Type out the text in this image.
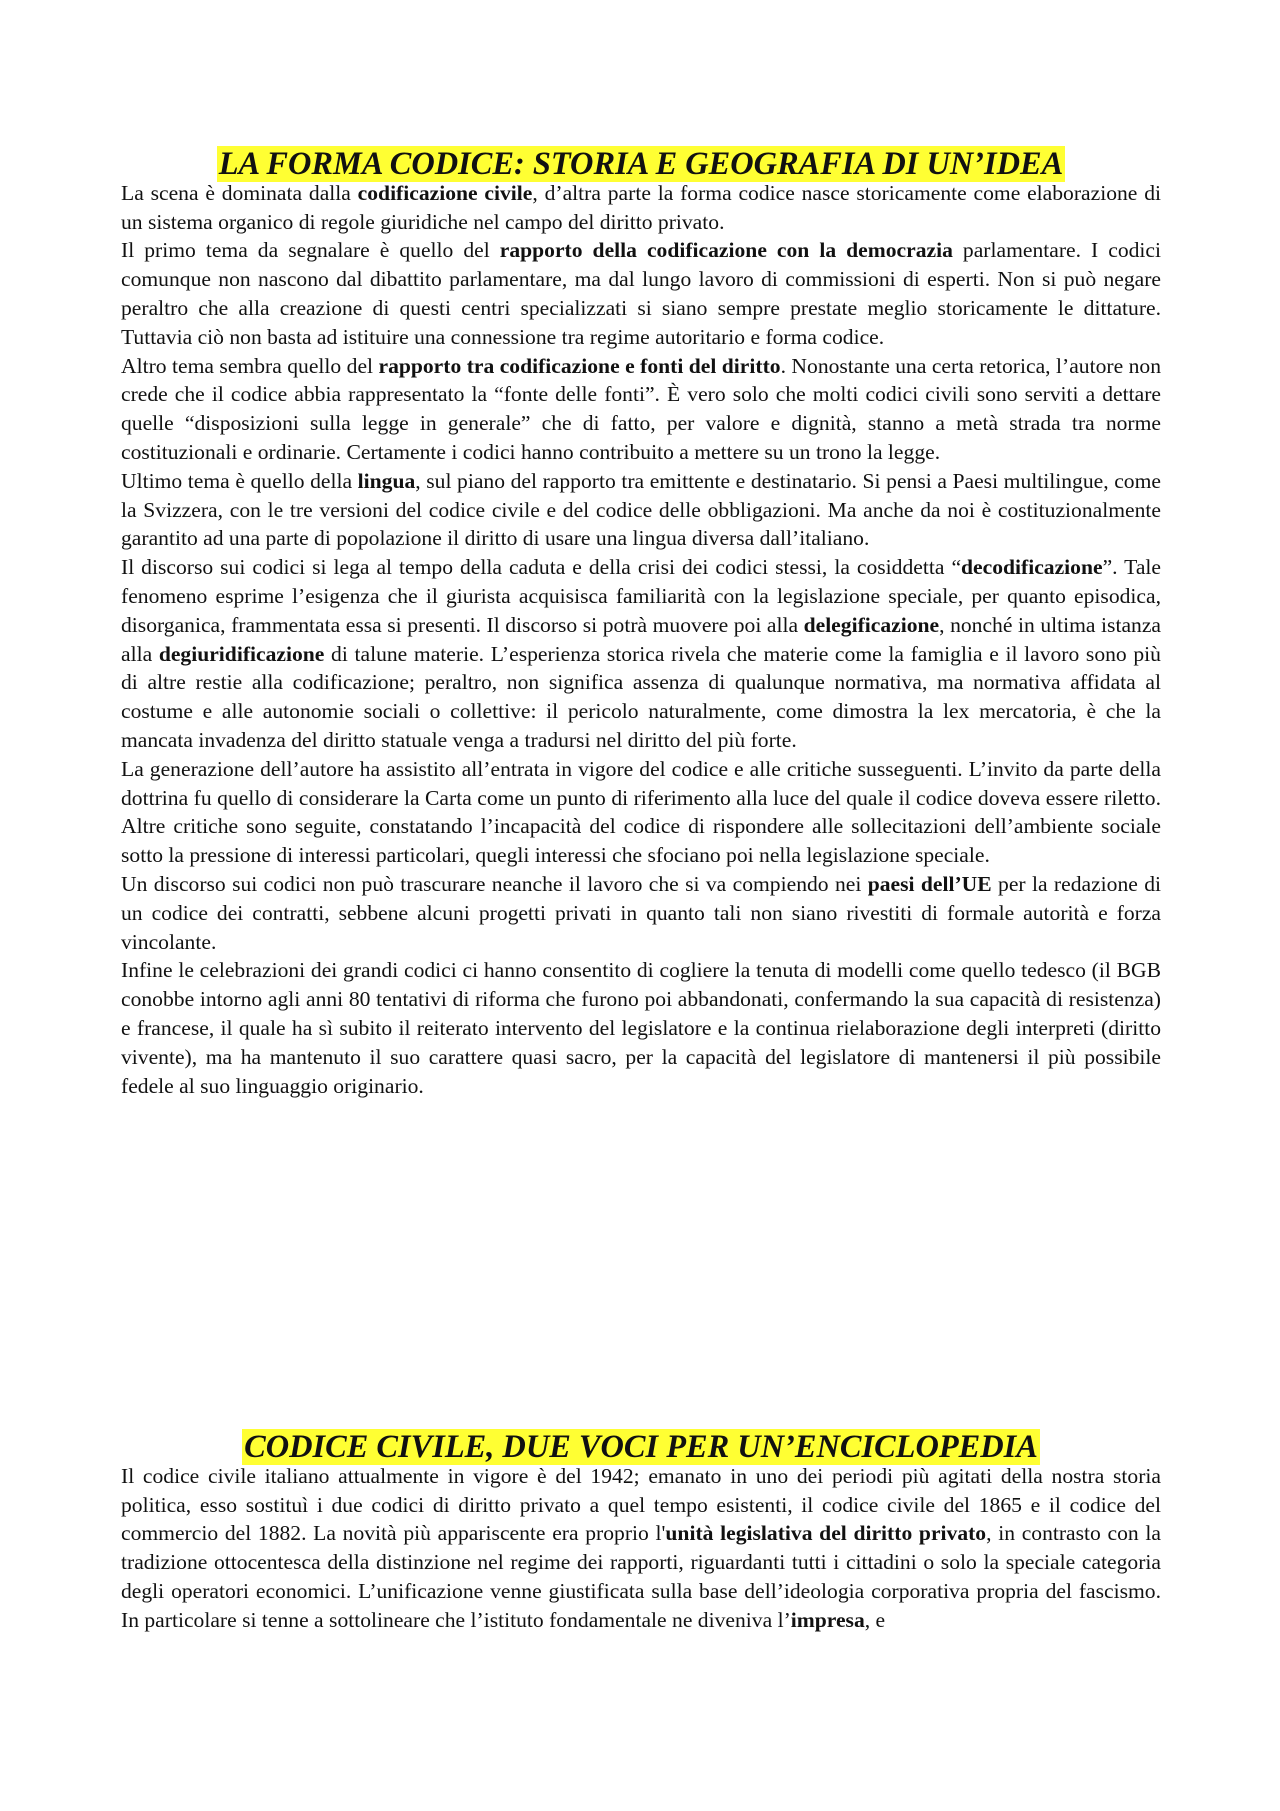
LA FORMA CODICE: STORIA E GEOGRAFIA DI UN’IDEA

La scena è dominata dalla codificazione civile, d’altra parte la forma codice nasce storicamente come elaborazione di un sistema organico di regole giuridiche nel campo del diritto privato.

Il primo tema da segnalare è quello del rapporto della codificazione con la democrazia parlamentare. I codici comunque non nascono dal dibattito parlamentare, ma dal lungo lavoro di commissioni di esperti. Non si può negare peraltro che alla creazione di questi centri specializzati si siano sempre prestate meglio storicamente le dittature. Tuttavia ciò non basta ad istituire una connessione tra regime autoritario e forma codice.

Altro tema sembra quello del rapporto tra codificazione e fonti del diritto. Nonostante una certa retorica, l’autore non crede che il codice abbia rappresentato la “fonte delle fonti”. È vero solo che molti codici civili sono serviti a dettare quelle “disposizioni sulla legge in generale” che di fatto, per valore e dignità, stanno a metà strada tra norme costituzionali e ordinarie. Certamente i codici hanno contribuito a mettere su un trono la legge.

Ultimo tema è quello della lingua, sul piano del rapporto tra emittente e destinatario. Si pensi a Paesi multilingue, come la Svizzera, con le tre versioni del codice civile e del codice delle obbligazioni. Ma anche da noi è costituzionalmente garantito ad una parte di popolazione il diritto di usare una lingua diversa dall’italiano.

Il discorso sui codici si lega al tempo della caduta e della crisi dei codici stessi, la cosiddetta “decodificazione”. Tale fenomeno esprime l’esigenza che il giurista acquisisca familiarità con la legislazione speciale, per quanto episodica, disorganica, frammentata essa si presenti. Il discorso si potrà muovere poi alla delegificazione, nonché in ultima istanza alla degiuridificazione di talune materie. L’esperienza storica rivela che materie come la famiglia e il lavoro sono più di altre restie alla codificazione; peraltro, non significa assenza di qualunque normativa, ma normativa affidata al costume e alle autonomie sociali o collettive: il pericolo naturalmente, come dimostra la lex mercatoria, è che la mancata invadenza del diritto statuale venga a tradursi nel diritto del più forte.

La generazione dell’autore ha assistito all’entrata in vigore del codice e alle critiche susseguenti. L’invito da parte della dottrina fu quello di considerare la Carta come un punto di riferimento alla luce del quale il codice doveva essere riletto. Altre critiche sono seguite, constatando l’incapacità del codice di rispondere alle sollecitazioni dell’ambiente sociale sotto la pressione di interessi particolari, quegli interessi che sfociano poi nella legislazione speciale.

Un discorso sui codici non può trascurare neanche il lavoro che si va compiendo nei paesi dell’UE per la redazione di un codice dei contratti, sebbene alcuni progetti privati in quanto tali non siano rivestiti di formale autorità e forza vincolante.

Infine le celebrazioni dei grandi codici ci hanno consentito di cogliere la tenuta di modelli come quello tedesco (il BGB conobbe intorno agli anni 80 tentativi di riforma che furono poi abbandonati, confermando la sua capacità di resistenza) e francese, il quale ha sì subito il reiterato intervento del legislatore e la continua rielaborazione degli interpreti (diritto vivente), ma ha mantenuto il suo carattere quasi sacro, per la capacità del legislatore di mantenersi il più possibile fedele al suo linguaggio originario.

CODICE CIVILE, DUE VOCI PER UN’ENCICLOPEDIA

Il codice civile italiano attualmente in vigore è del 1942; emanato in uno dei periodi più agitati della nostra storia politica, esso sostituì i due codici di diritto privato a quel tempo esistenti, il codice civile del 1865 e il codice del commercio del 1882. La novità più appariscente era proprio l'unità legislativa del diritto privato, in contrasto con la tradizione ottocentesca della distinzione nel regime dei rapporti, riguardanti tutti i cittadini o solo la speciale categoria degli operatori economici. L’unificazione venne giustificata sulla base dell’ideologia corporativa propria del fascismo. In particolare si tenne a sottolineare che l’istituto fondamentale ne diveniva l’impresa, e
